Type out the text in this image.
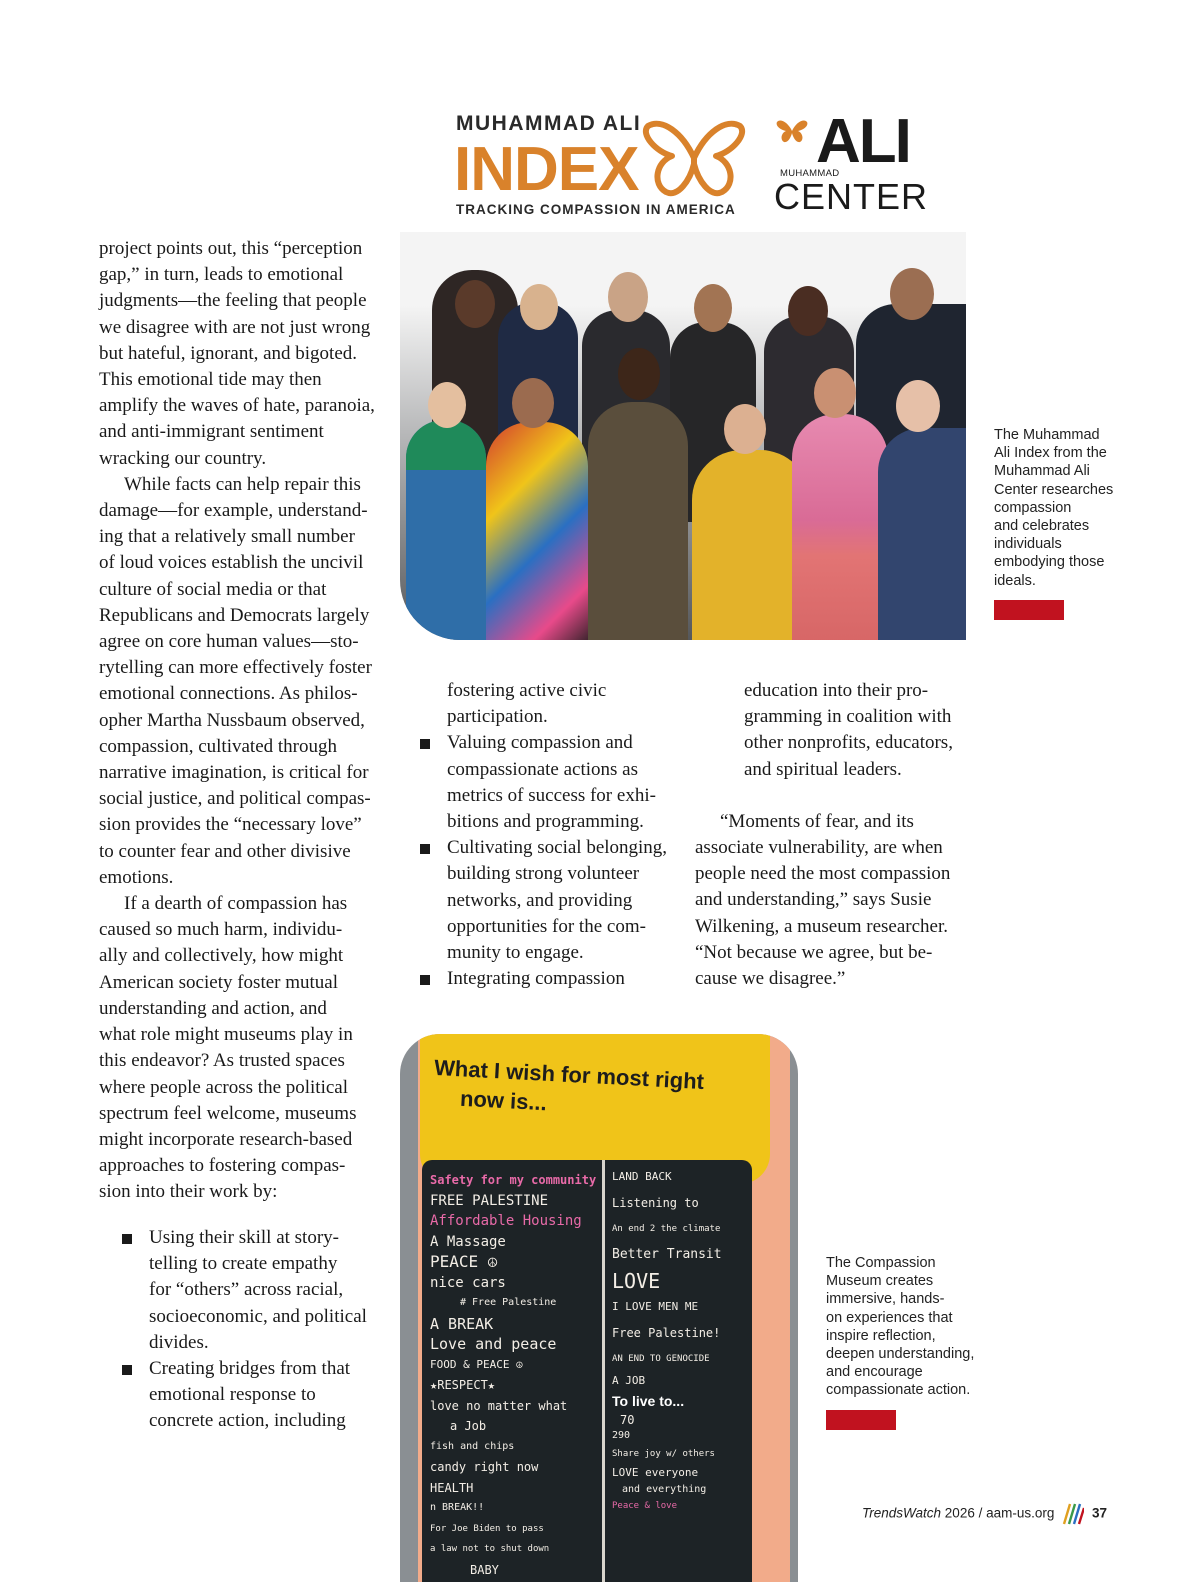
MUHAMMAD ALI
INDEX
TRACKING COMPASSION IN AMERICA
ALI
MUHAMMAD
CENTER
The Muhammad
Ali Index from the
Muhammad Ali
Center researches
compassion
and celebrates
individuals
embodying those
ideals.
project points out, this “perception
gap,” in turn, leads to emotional
judgments—the feeling that people
we disagree with are not just wrong
but hateful, ignorant, and bigoted.
This emotional tide may then
amplify the waves of hate, paranoia,
and anti-immigrant sentiment
wracking our country.
While facts can help repair this
damage—for example, understand-
ing that a relatively small number
of loud voices establish the uncivil
culture of social media or that
Republicans and Democrats largely
agree on core human values—sto-
rytelling can more effectively foster
emotional connections. As philos-
opher Martha Nussbaum observed,
compassion, cultivated through
narrative imagination, is critical for
social justice, and political compas-
sion provides the “necessary love”
to counter fear and other divisive
emotions.
If a dearth of compassion has
caused so much harm, individu-
ally and collectively, how might
American society foster mutual
understanding and action, and
what role might museums play in
this endeavor? As trusted spaces
where people across the political
spectrum feel welcome, museums
might incorporate research-based
approaches to fostering compas-
sion into their work by:
Using their skill at story-
telling to create empathy
for “others” across racial,
socioeconomic, and political
divides.
Creating bridges from that
emotional response to
concrete action, including
fostering active civic
participation.
Valuing compassion and
compassionate actions as
metrics of success for exhi-
bitions and programming.
Cultivating social belonging,
building strong volunteer
networks, and providing
opportunities for the com-
munity to engage.
Integrating compassion
education into their pro-
gramming in coalition with
other nonprofits, educators,
and spiritual leaders.
“Moments of fear, and its
associate vulnerability, are when
people need the most compassion
and understanding,” says Susie
Wilkening, a museum researcher.
“Not because we agree, but be-
cause we disagree.”
What I wish for most right
now is...
Safety for my community
FREE PALESTINE
Affordable Housing
A Massage
PEACE ☮
nice cars
# Free Palestine
A BREAK
Love and peace
FOOD & PEACE ☮
★RESPECT★
love no matter what
a Job
fish and chips
candy right now
HEALTH
n BREAK!!
For Joe Biden to pass
a law not to shut down
BABY
LAND BACK
Listening to
An end 2 the climate
Better Transit
LOVE
I LOVE MEN ME
Free Palestine!
AN END TO GENOCIDE
A JOB
To live to...
70
290
Share joy w/ others
LOVE everyone
and everything
Peace & love
The Compassion
Museum creates
immersive, hands-
on experiences that
inspire reflection,
deepen understanding,
and encourage
compassionate action.
TrendsWatch 2026 / aam-us.org	37
